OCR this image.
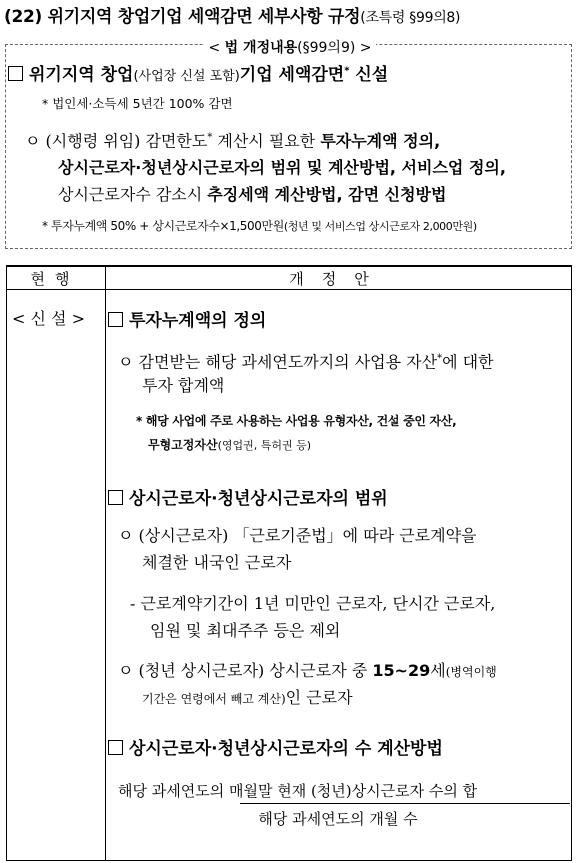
(22) 위기지역 창업기업 세액감면 세부사항 규정(조특령 §99의8)
< 법 개정내용(§99의9) >
위기지역 창업(사업장 신설 포함)기업 세액감면* 신설
* 법인세·소득세 5년간 100% 감면
ㅇ (시행령 위임) 감면한도* 계산시 필요한 투자누계액 정의,
상시근로자·청년상시근로자의 범위 및 계산방법, 서비스업 정의,
상시근로자수 감소시 추징세액 계산방법, 감면 신청방법
* 투자누계액 50% + 상시근로자수×1,500만원(청년 및 서비스업 상시근로자 2,000만원)
현행	개정안
< 신 설 >	투자누계액의 정의
ㅇ 감면받는 해당 과세연도까지의 사업용 자산*에 대한
투자 합계액
* 해당 사업에 주로 사용하는 사업용 유형자산, 건설 중인 자산,
무형고정자산(영업권, 특허권 등)
상시근로자·청년상시근로자의 범위
ㅇ (상시근로자) 「근로기준법」에 따라 근로계약을
체결한 내국인 근로자
- 근로계약기간이 1년 미만인 근로자, 단시간 근로자,
임원 및 최대주주 등은 제외
ㅇ (청년 상시근로자) 상시근로자 중 15∼29세(병역이행
기간은 연령에서 빼고 계산)인 근로자
상시근로자·청년상시근로자의 수 계산방법
해당 과세연도의 매월말 현재 (청년)상시근로자 수의 합
해당 과세연도의 개월 수
